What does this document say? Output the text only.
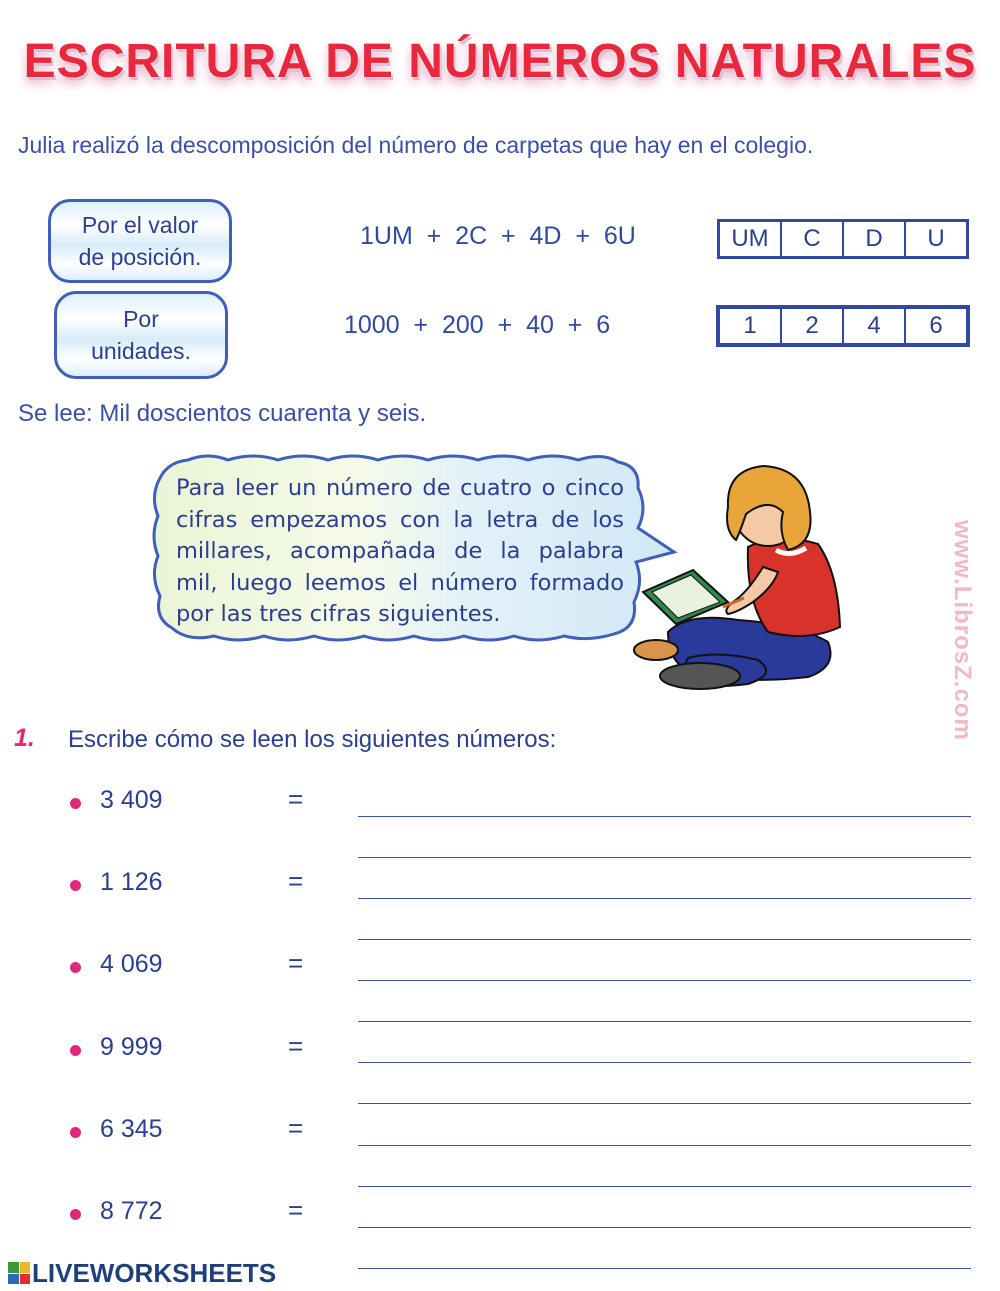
ESCRITURA DE NÚMEROS NATURALES
Julia realizó la descomposición del número de carpetas que hay en el colegio.
Por el valor
de posición.
Por
unidades.
1UM  +  2C  +  4D  +  6U
1000  +  200  +  40  +  6
UM	C	D	U
1	2	4	6
Se lee: Mil doscientos cuarenta y seis.
Para leer un número de cuatro o cinco cifras empezamos con la letra de los millares, acompañada de la palabra mil, luego leemos el número formado por las tres cifras siguientes.	www.LibrosZ.com
1. Escribe cómo se leen los siguientes números:
3 409	=
1 126	=
4 069	=
9 999	=
6 345	=
8 772	=
LIVEWORKSHEETS
